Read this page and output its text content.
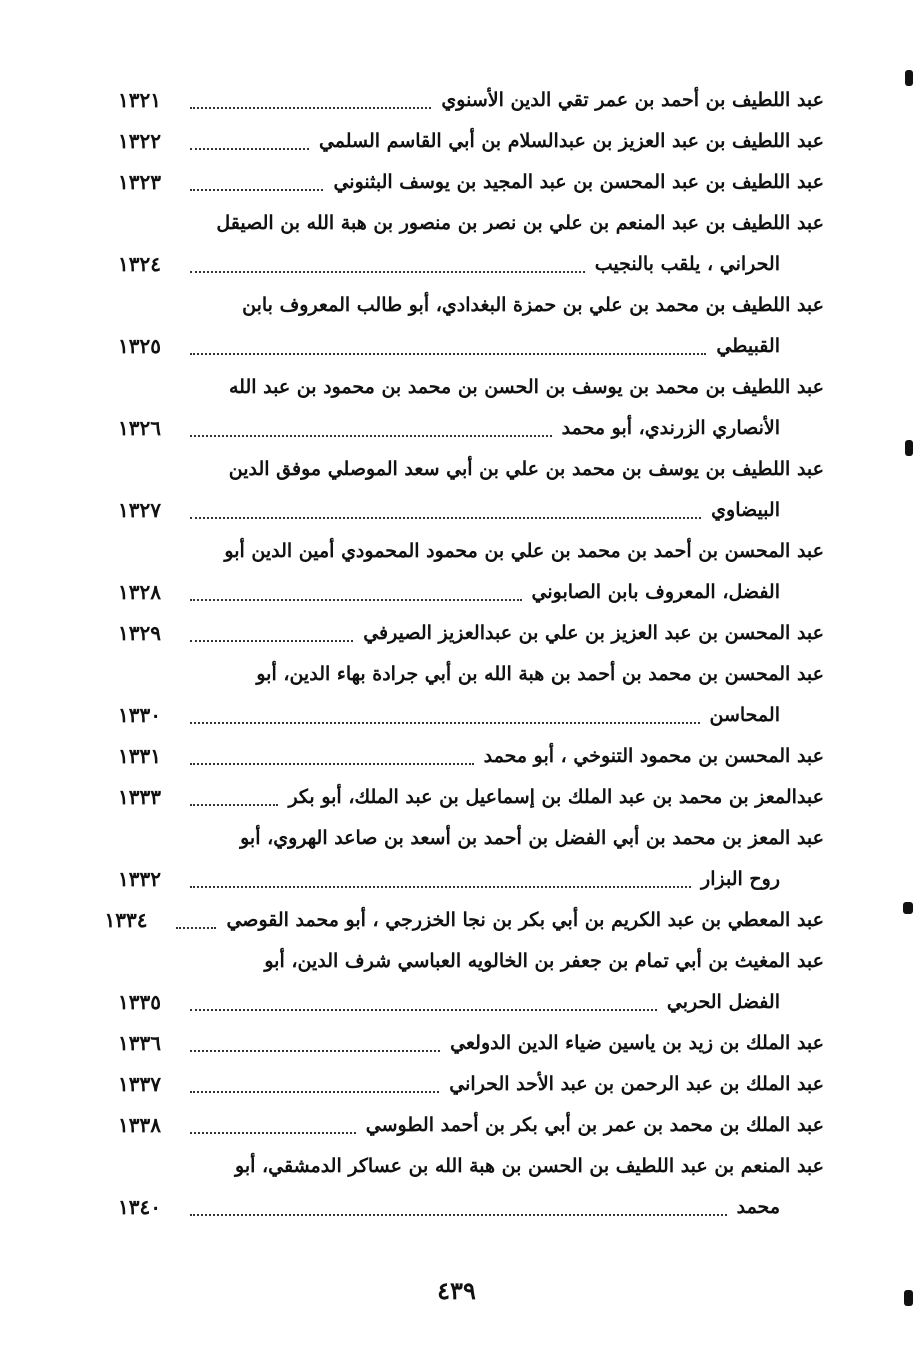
عبد اللطيف بن أحمد بن عمر تقي الدين الأسنوي
١٣٢١
عبد اللطيف بن عبد العزيز بن عبدالسلام بن أبي القاسم السلمي
١٣٢٢
عبد اللطيف بن عبد المحسن بن عبد المجيد بن يوسف البثنوني
١٣٢٣
عبد اللطيف بن عبد المنعم بن علي بن نصر بن منصور بن هبة الله بن الصيقل
الحراني ، يلقب بالنجيب
١٣٢٤
عبد اللطيف بن محمد بن علي بن حمزة البغدادي، أبو طالب المعروف بابن
القبيطي
١٣٢٥
عبد اللطيف بن محمد بن يوسف بن الحسن بن محمد بن محمود بن عبد الله
الأنصاري الزرندي، أبو محمد
١٣٢٦
عبد اللطيف بن يوسف بن محمد بن علي بن أبي سعد الموصلي موفق الدين
البيضاوي
١٣٢٧
عبد المحسن بن أحمد بن محمد بن علي بن محمود المحمودي أمين الدين أبو
الفضل، المعروف بابن الصابوني
١٣٢٨
عبد المحسن بن عبد العزيز بن علي بن عبدالعزيز الصيرفي
١٣٢٩
عبد المحسن بن محمد بن أحمد بن هبة الله بن أبي جرادة بهاء الدين، أبو
المحاسن
١٣٣٠
عبد المحسن بن محمود التنوخي ، أبو محمد
١٣٣١
عبدالمعز بن محمد بن عبد الملك بن إسماعيل بن عبد الملك، أبو بكر
١٣٣٣
عبد المعز بن محمد بن أبي الفضل بن أحمد بن أسعد بن صاعد الهروي، أبو
روح البزار
١٣٣٢
عبد المعطي بن عبد الكريم بن أبي بكر بن نجا الخزرجي ، أبو محمد القوصي
١٣٣٤
عبد المغيث بن أبي تمام بن جعفر بن الخالويه العباسي شرف الدين، أبو
الفضل الحربي
١٣٣٥
عبد الملك بن زيد بن ياسين ضياء الدين الدولعي
١٣٣٦
عبد الملك بن عبد الرحمن بن عبد الأحد الحراني
١٣٣٧
عبد الملك بن محمد بن عمر بن أبي بكر بن أحمد الطوسي
١٣٣٨
عبد المنعم بن عبد اللطيف بن الحسن بن هبة الله بن عساكر الدمشقي، أبو
محمد
١٣٤٠
٤٣٩
